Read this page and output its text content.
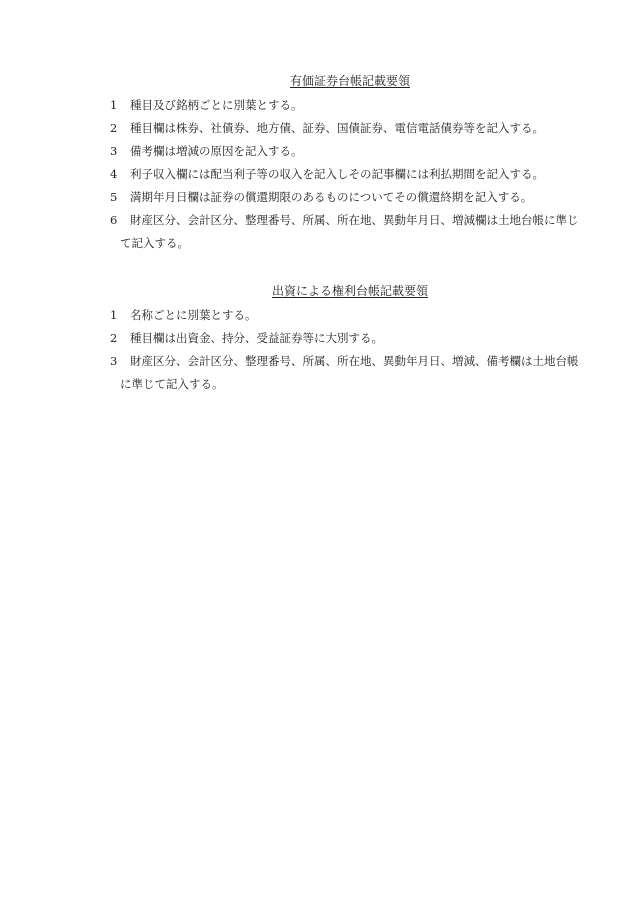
有価証券台帳記載要領
1	種目及び銘柄ごとに別葉とする。
2	種目欄は株券、社債券、地方債、証券、国債証券、電信電話債券等を記入する。
3	備考欄は増減の原因を記入する。
4	利子収入欄には配当利子等の収入を記入しその記事欄には利払期間を記入する。
5	満期年月日欄は証券の償還期限のあるものについてその償還終期を記入する。
6	財産区分、会計区分、整理番号、所属、所在地、異動年月日、増減欄は土地台帳に準じて記入する。
出資による権利台帳記載要領
1	名称ごとに別葉とする。
2	種目欄は出資金、持分、受益証券等に大別する。
3	財産区分、会計区分、整理番号、所属、所在地、異動年月日、増減、備考欄は土地台帳に準じて記入する。
